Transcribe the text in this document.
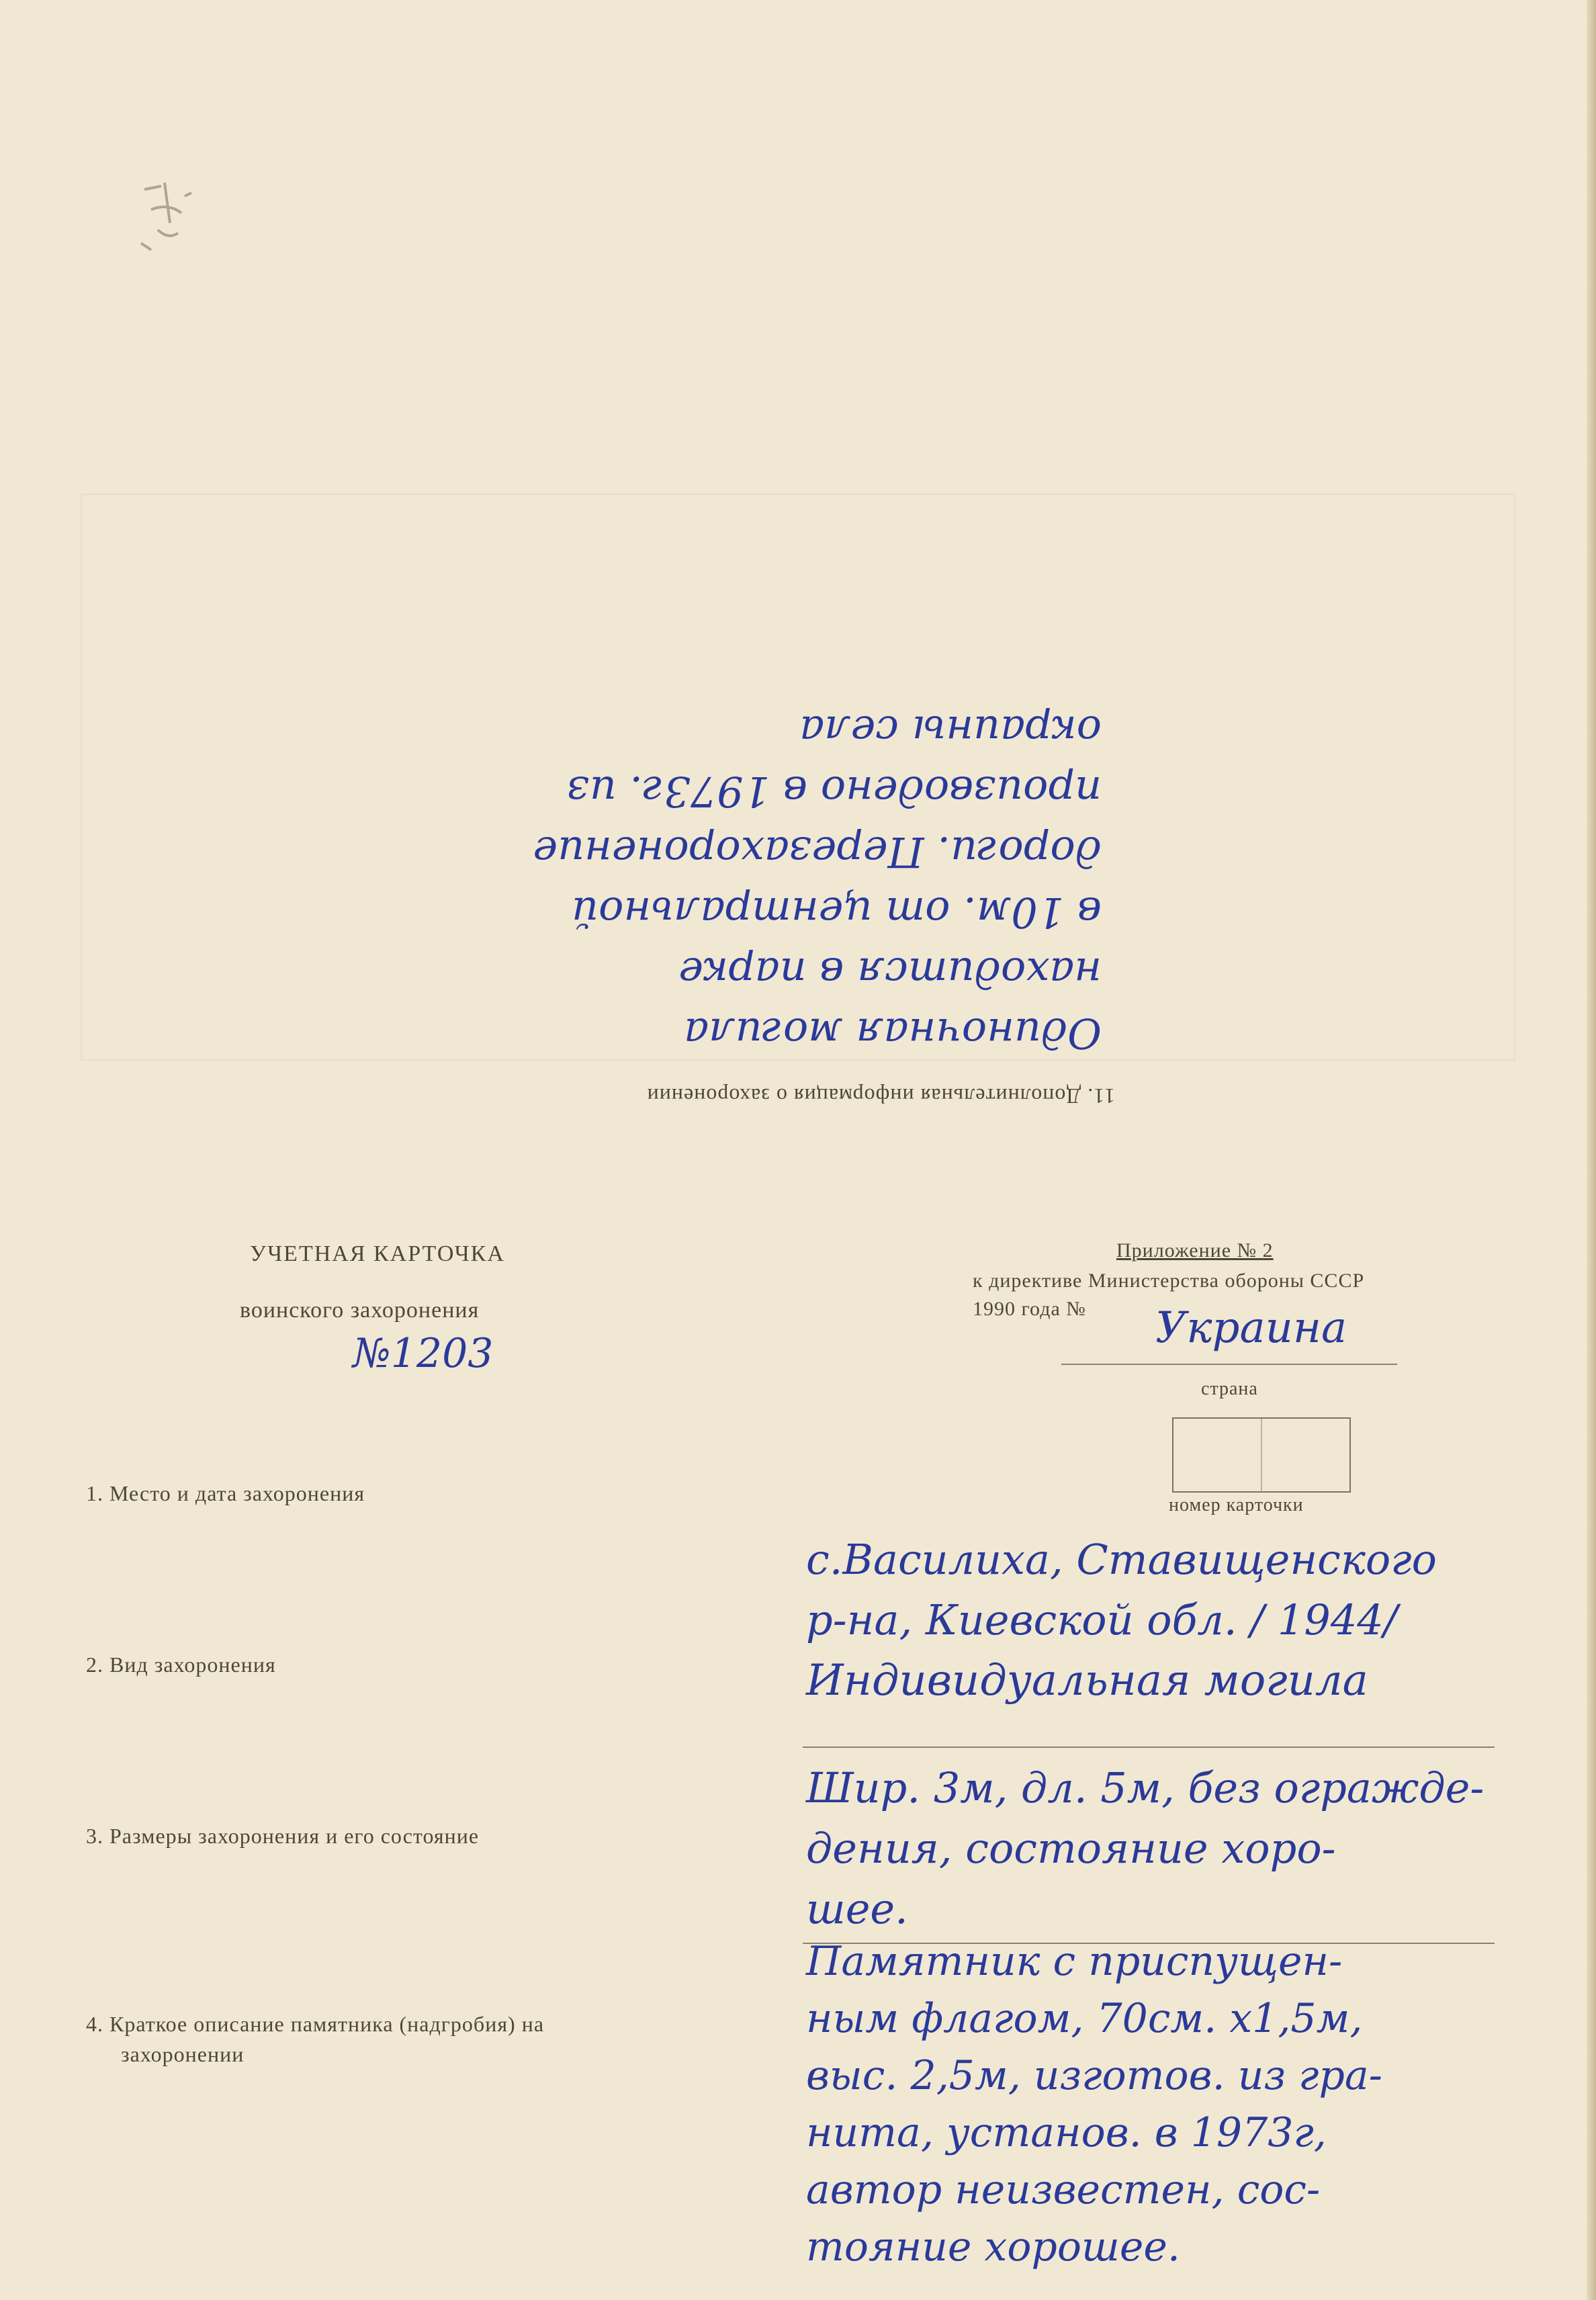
11. Дополнительная информация о захоронении
Одиночная могила
находится в парке
в 10м. от центральной
дороги. Перезахоронение
производено в 1973г. из
окраины села
УЧЕТНАЯ КАРТОЧКА
воинского захоронения
№1203
Приложение № 2
к директиве Министерства обороны СССР
1990 года № Украина
страна
номер карточки
1. Место и дата захоронения
с.Василиха, Ставищенского
р-на, Киевской обл. / 1944/
2. Вид захоронения	Индивидуальная могила
3. Размеры захоронения и его состояние
Шир. 3м, дл. 5м, без огражде-
дения, состояние хоро-
шее.
4. Краткое описание памятника (надгробия) на
захоронении
Памятник с приспущен-
ным флагом, 70см. х1,5м,
выс. 2,5м, изготов. из гра-
нита, установ. в 1973г,
автор неизвестен, сос-
тояние хорошее.
